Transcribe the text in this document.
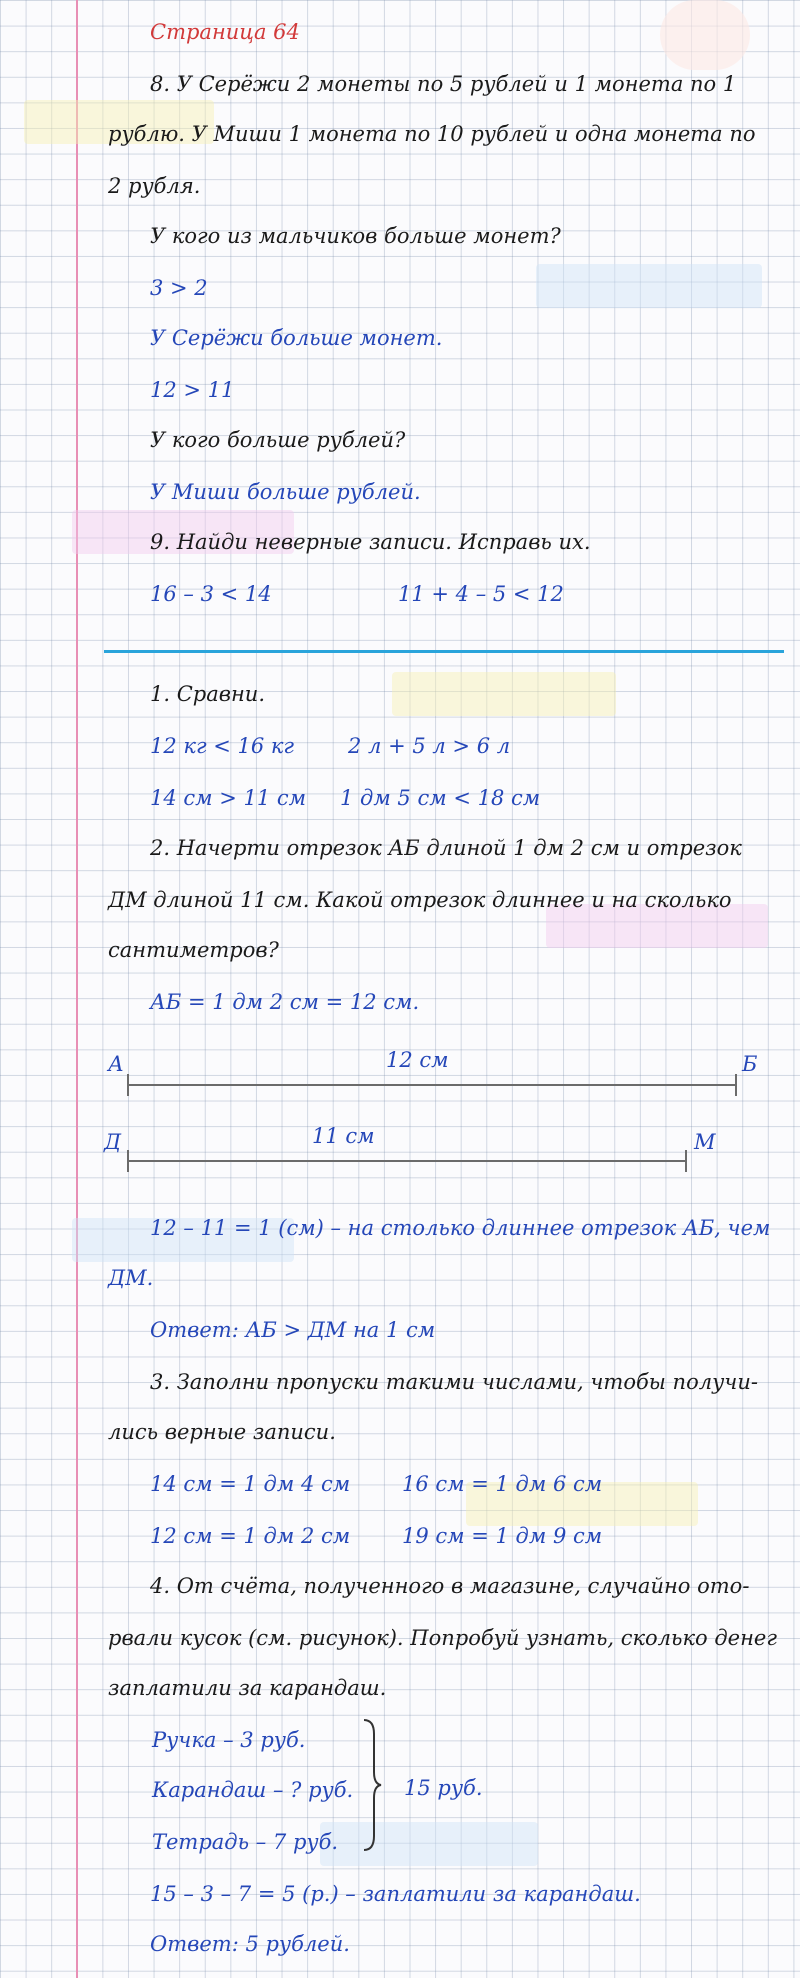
Страница 64
8. У Серёжи 2 монеты по 5 рублей и 1 монета по 1
рублю. У Миши 1 монета по 10 рублей и одна монета по
2 рубля.
У кого из мальчиков больше монет?
3 > 2
У Серёжи больше монет.
12 > 11
У кого больше рублей?
У Миши больше рублей.
9. Найди неверные записи. Исправь их.
16 – 3 < 14	11 + 4 – 5 < 12
1. Сравни.
12 кг < 16 кг	2 л + 5 л > 6 л
14 см > 11 см 1 дм 5 см < 18 см
2. Начерти отрезок АБ длиной 1 дм 2 см и отрезок
ДМ длиной 11 см. Какой отрезок длиннее и на сколько
сантиметров?
АБ = 1 дм 2 см = 12 см.
А	12 см	Б
Д	11 см	М
12 – 11 = 1 (см) – на столько длиннее отрезок АБ, чем
ДМ.
Ответ: АБ > ДМ на 1 см
3. Заполни пропуски такими числами, чтобы получи-
лись верные записи.
14 см = 1 дм 4 см 16 см = 1 дм 6 см
12 см = 1 дм 2 см 19 см = 1 дм 9 см
4. От счёта, полученного в магазине, случайно ото-
рвали кусок (см. рисунок). Попробуй узнать, сколько денег
заплатили за карандаш.
Ручка – 3 руб.
Карандаш – ? руб.
Тетрадь – 7 руб.
15 руб.
15 – 3 – 7 = 5 (р.) – заплатили за карандаш.
Ответ: 5 рублей.
